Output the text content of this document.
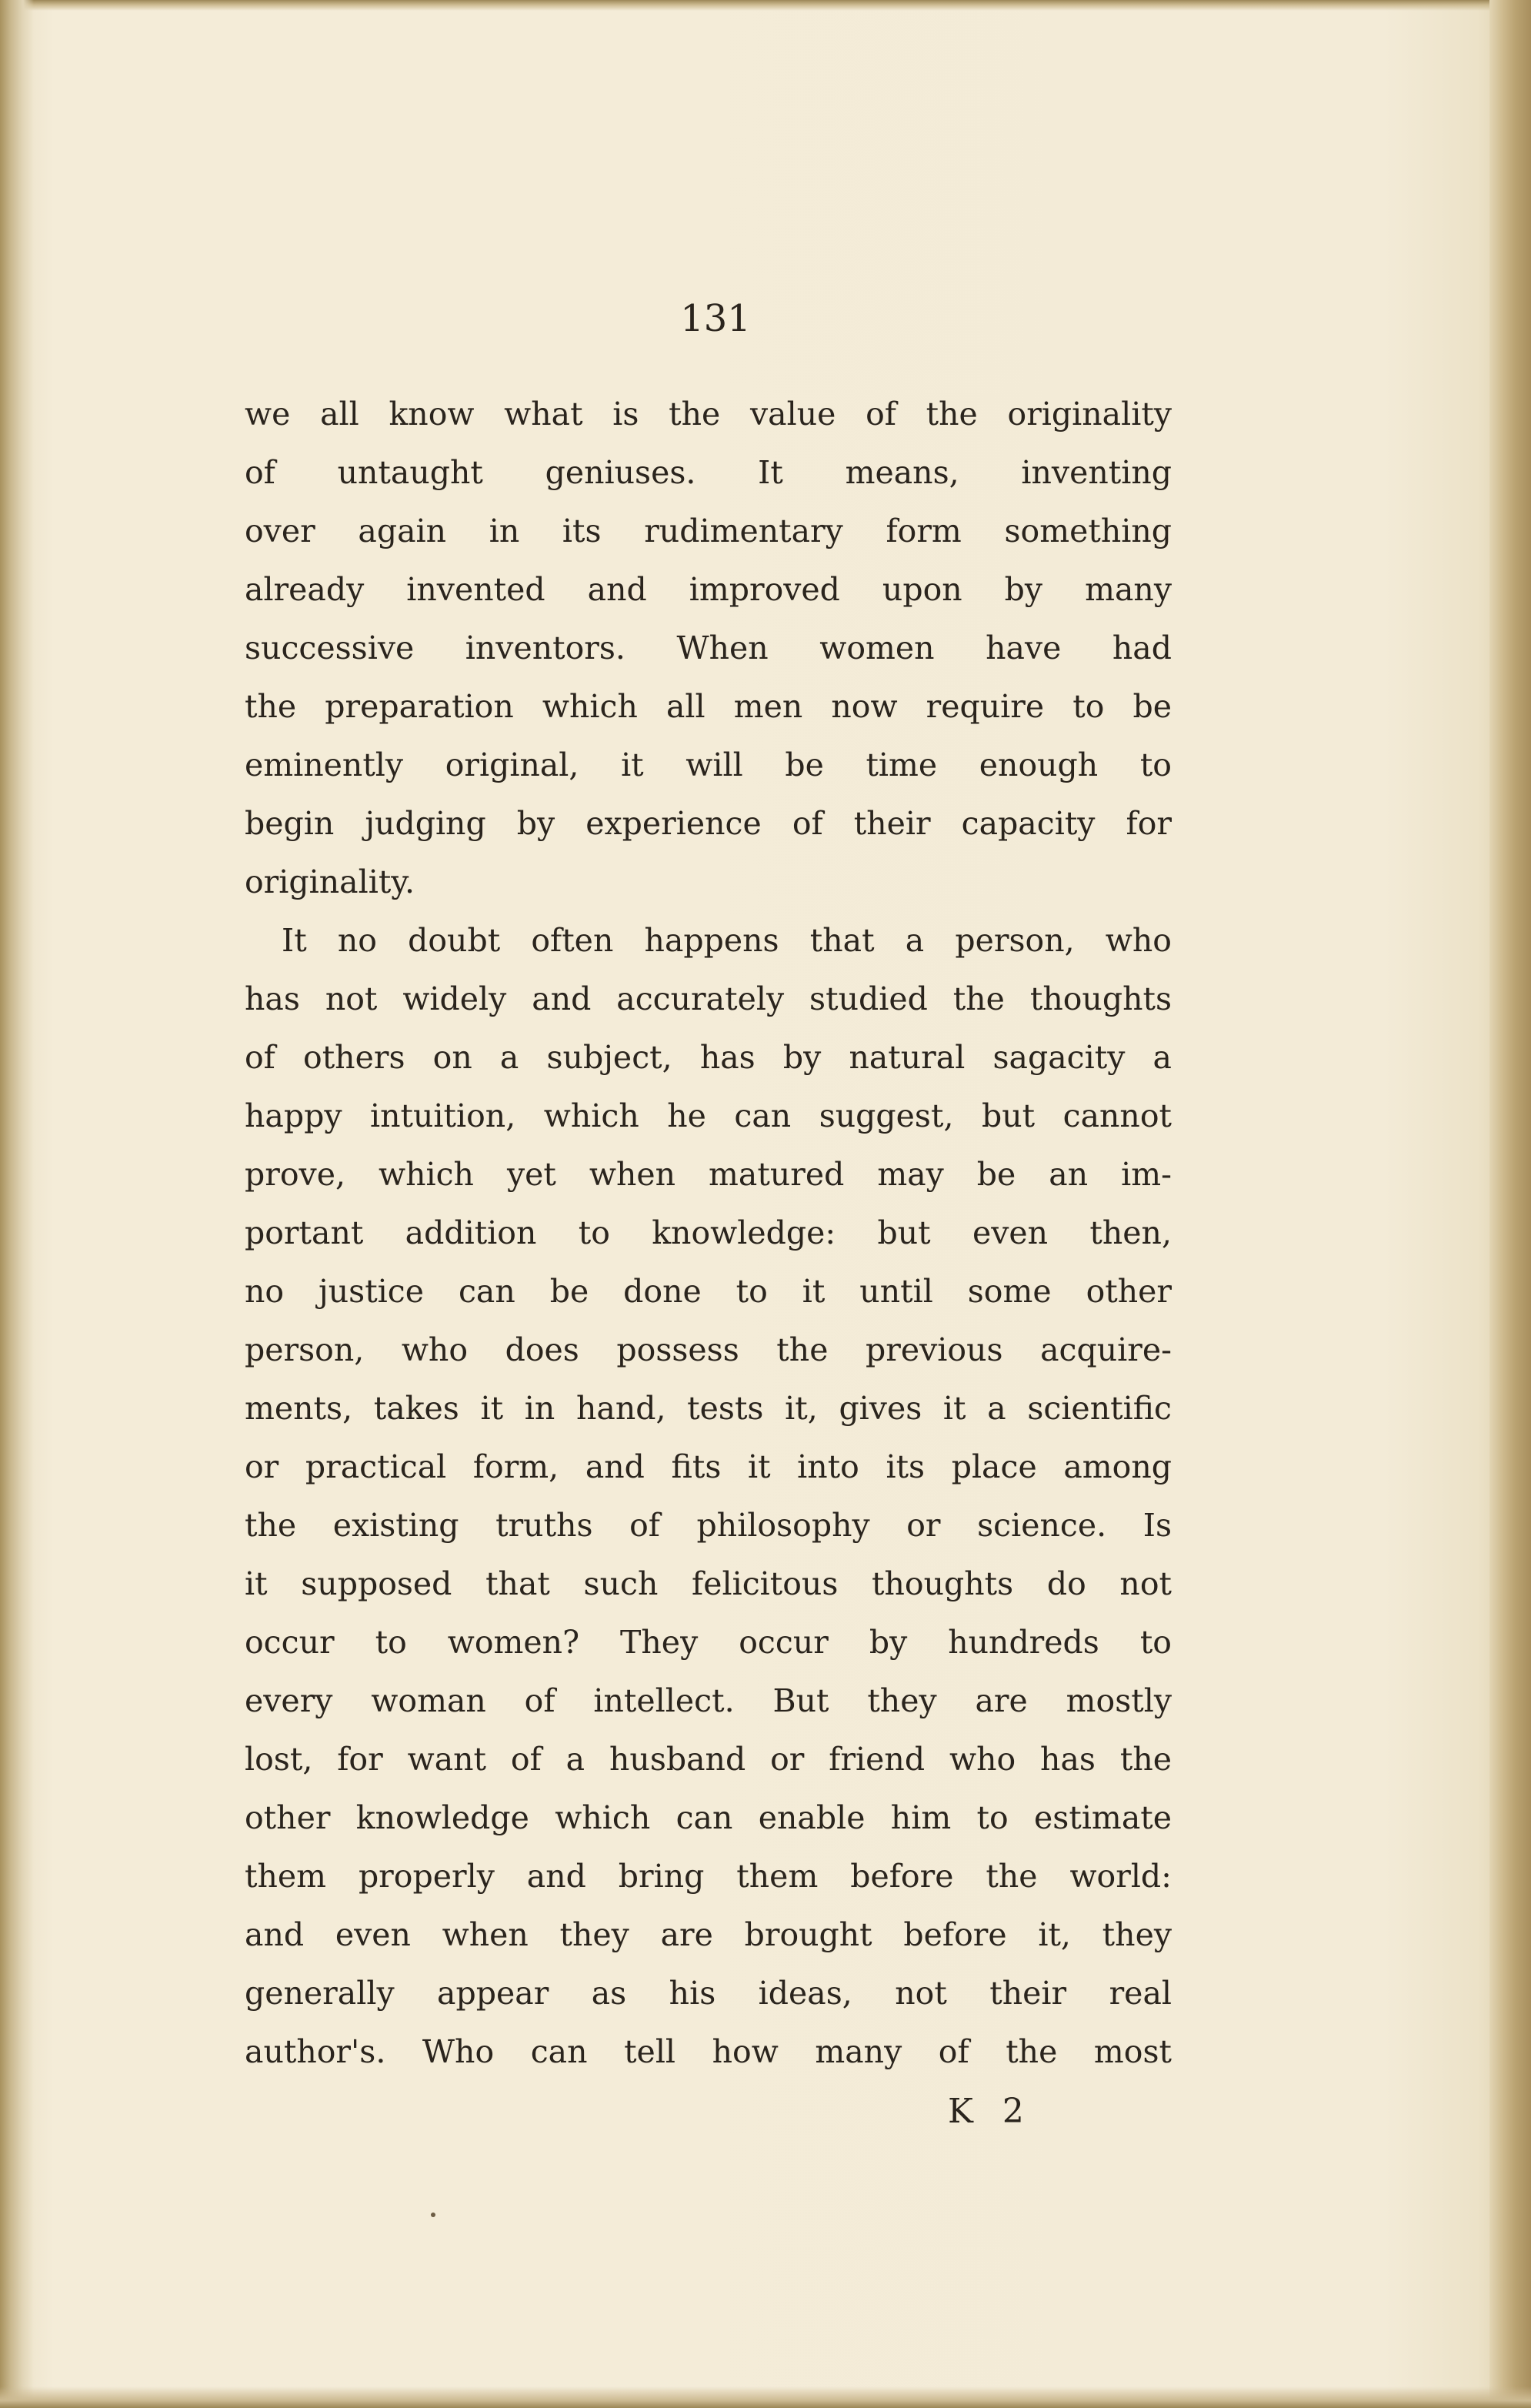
131
we all know what is the value of the originality
of untaught geniuses. It means, inventing
over again in its rudimentary form something
already invented and improved upon by many
successive inventors. When women have had
the preparation which all men now require to be
eminently original, it will be time enough to
begin judging by experience of their capacity for
originality.
It no doubt often happens that a person, who
has not widely and accurately studied the thoughts
of others on a subject, has by natural sagacity a
happy intuition, which he can suggest, but cannot
prove, which yet when matured may be an im-
portant addition to knowledge: but even then,
no justice can be done to it until some other
person, who does possess the previous acquire-
ments, takes it in hand, tests it, gives it a scientific
or practical form, and fits it into its place among
the existing truths of philosophy or science. Is
it supposed that such felicitous thoughts do not
occur to women? They occur by hundreds to
every woman of intellect. But they are mostly
lost, for want of a husband or friend who has the
other knowledge which can enable him to estimate
them properly and bring them before the world:
and even when they are brought before it, they
generally appear as his ideas, not their real
author's. Who can tell how many of the most
K 2
